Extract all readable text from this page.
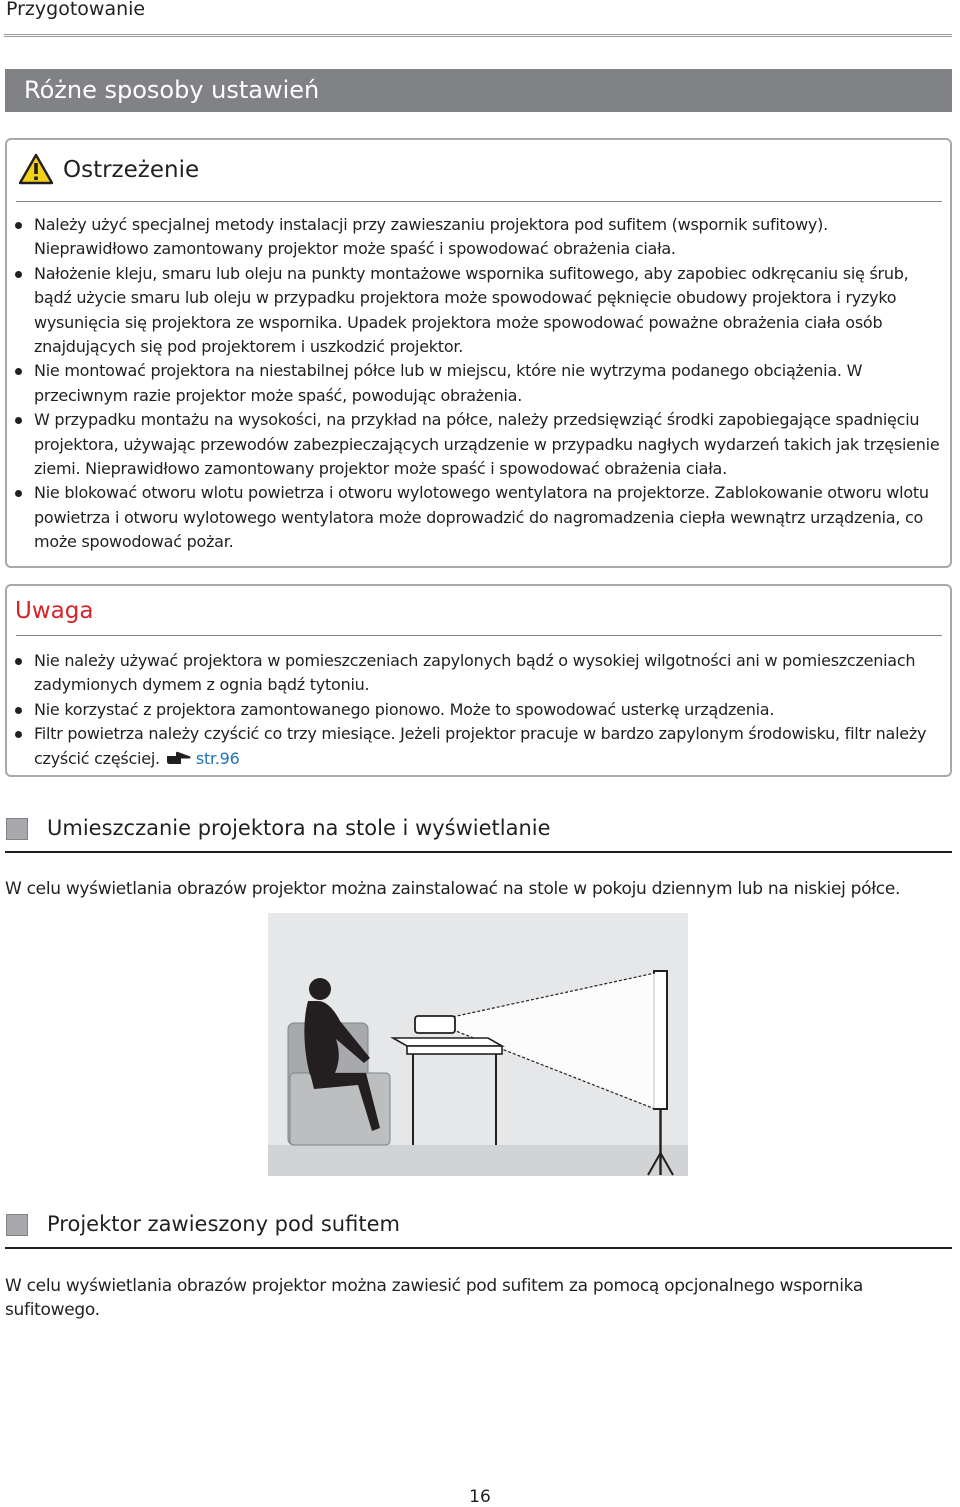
Przygotowanie
Różne sposoby ustawień
Ostrzeżenie
Należy użyć specjalnej metody instalacji przy zawieszaniu projektora pod sufitem (wspornik sufitowy). Nieprawidłowo zamontowany projektor może spaść i spowodować obrażenia ciała.
Nałożenie kleju, smaru lub oleju na punkty montażowe wspornika sufitowego, aby zapobiec odkręcaniu się śrub, bądź użycie smaru lub oleju w przypadku projektora może spowodować pęknięcie obudowy projektora i ryzyko wysunięcia się projektora ze wspornika. Upadek projektora może spowodować poważne obrażenia ciała osób znajdujących się pod projektorem i uszkodzić projektor.
Nie montować projektora na niestabilnej półce lub w miejscu, które nie wytrzyma podanego obciążenia. W przeciwnym razie projektor może spaść, powodując obrażenia.
W przypadku montażu na wysokości, na przykład na półce, należy przedsięwziąć środki zapobiegające spadnięciu projektora, używając przewodów zabezpieczających urządzenie w przypadku nagłych wydarzeń takich jak trzęsienie ziemi. Nieprawidłowo zamontowany projektor może spaść i spowodować obrażenia ciała.
Nie blokować otworu wlotu powietrza i otworu wylotowego wentylatora na projektorze. Zablokowanie otworu wlotu powietrza i otworu wylotowego wentylatora może doprowadzić do nagromadzenia ciepła wewnątrz urządzenia, co może spowodować pożar.
Uwaga
Nie należy używać projektora w pomieszczeniach zapylonych bądź o wysokiej wilgotności ani w pomieszczeniach zadymionych dymem z ognia bądź tytoniu.
Nie korzystać z projektora zamontowanego pionowo. Może to spowodować usterkę urządzenia.
Filtr powietrza należy czyścić co trzy miesiące. Jeżeli projektor pracuje w bardzo zapylonym środowisku, filtr należy czyścić częściej. str.96
Umieszczanie projektora na stole i wyświetlanie

W celu wyświetlania obrazów projektor można zainstalować na stole w pokoju dziennym lub na niskiej półce.

Projektor zawieszony pod sufitem

W celu wyświetlania obrazów projektor można zawiesić pod sufitem za pomocą opcjonalnego wspornika sufitowego.

16
